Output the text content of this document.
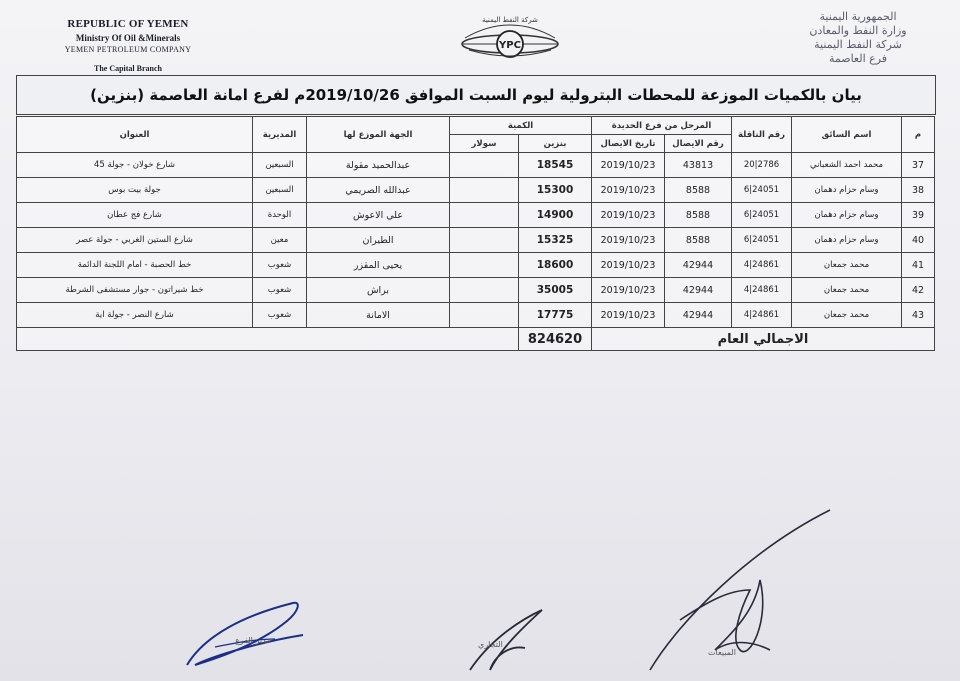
REPUBLIC OF YEMEN
Ministry Of Oil &Minerals
YEMEN PETROLEUM COMPANY
The Capital Branch
شركة النفط اليمنية
YPC
الجمهورية اليمنية
وزارة النفط والمعادن
شركة النفط اليمنية
فرع العاصمة
بيان بالكميات الموزعة للمحطات البترولية ليوم السبت الموافق 2019/10/26م لفرع امانة العاصمة (بنزين)
م	اسم السائق	رقم الناقلة	المرحل من فرع الحديدة		الكمية		الجهة الموزع لها	المديرية	العنوان
			رقم الايصال	تاريخ الايصال	بنزين	سولار			
37	محمد احمد الشعباني	20|2786	43813	2019/10/23	18545		عبدالحميد مقولة	السبعين	شارع خولان - جولة 45
38	وسام حزام دهمان	6|24051	8588	2019/10/23	15300		عبدالله الصريمي	السبعين	جولة بيت بوس
39	وسام حزام دهمان	6|24051	8588	2019/10/23	14900		علي الاعوش	الوحدة	شارع فج عطان
40	وسام حزام دهمان	6|24051	8588	2019/10/23	15325		الطيران	معين	شارع الستين الغربي - جولة عصر
41	محمد جمعان	4|24861	42944	2019/10/23	18600		يحيى المقزر	شعوب	خط الحصبة - امام اللجنة الدائمة
42	محمد جمعان	4|24861	42944	2019/10/23	35005		براش	شعوب	خط شيراتون - جوار مستشفى الشرطة
43	محمد جمعان	4|24861	42944	2019/10/23	17775		الامانة	شعوب	شارع النصر - جولة اية
الاجمالي العام					824620				
مدير الفرع	التجاري
المبيعات
